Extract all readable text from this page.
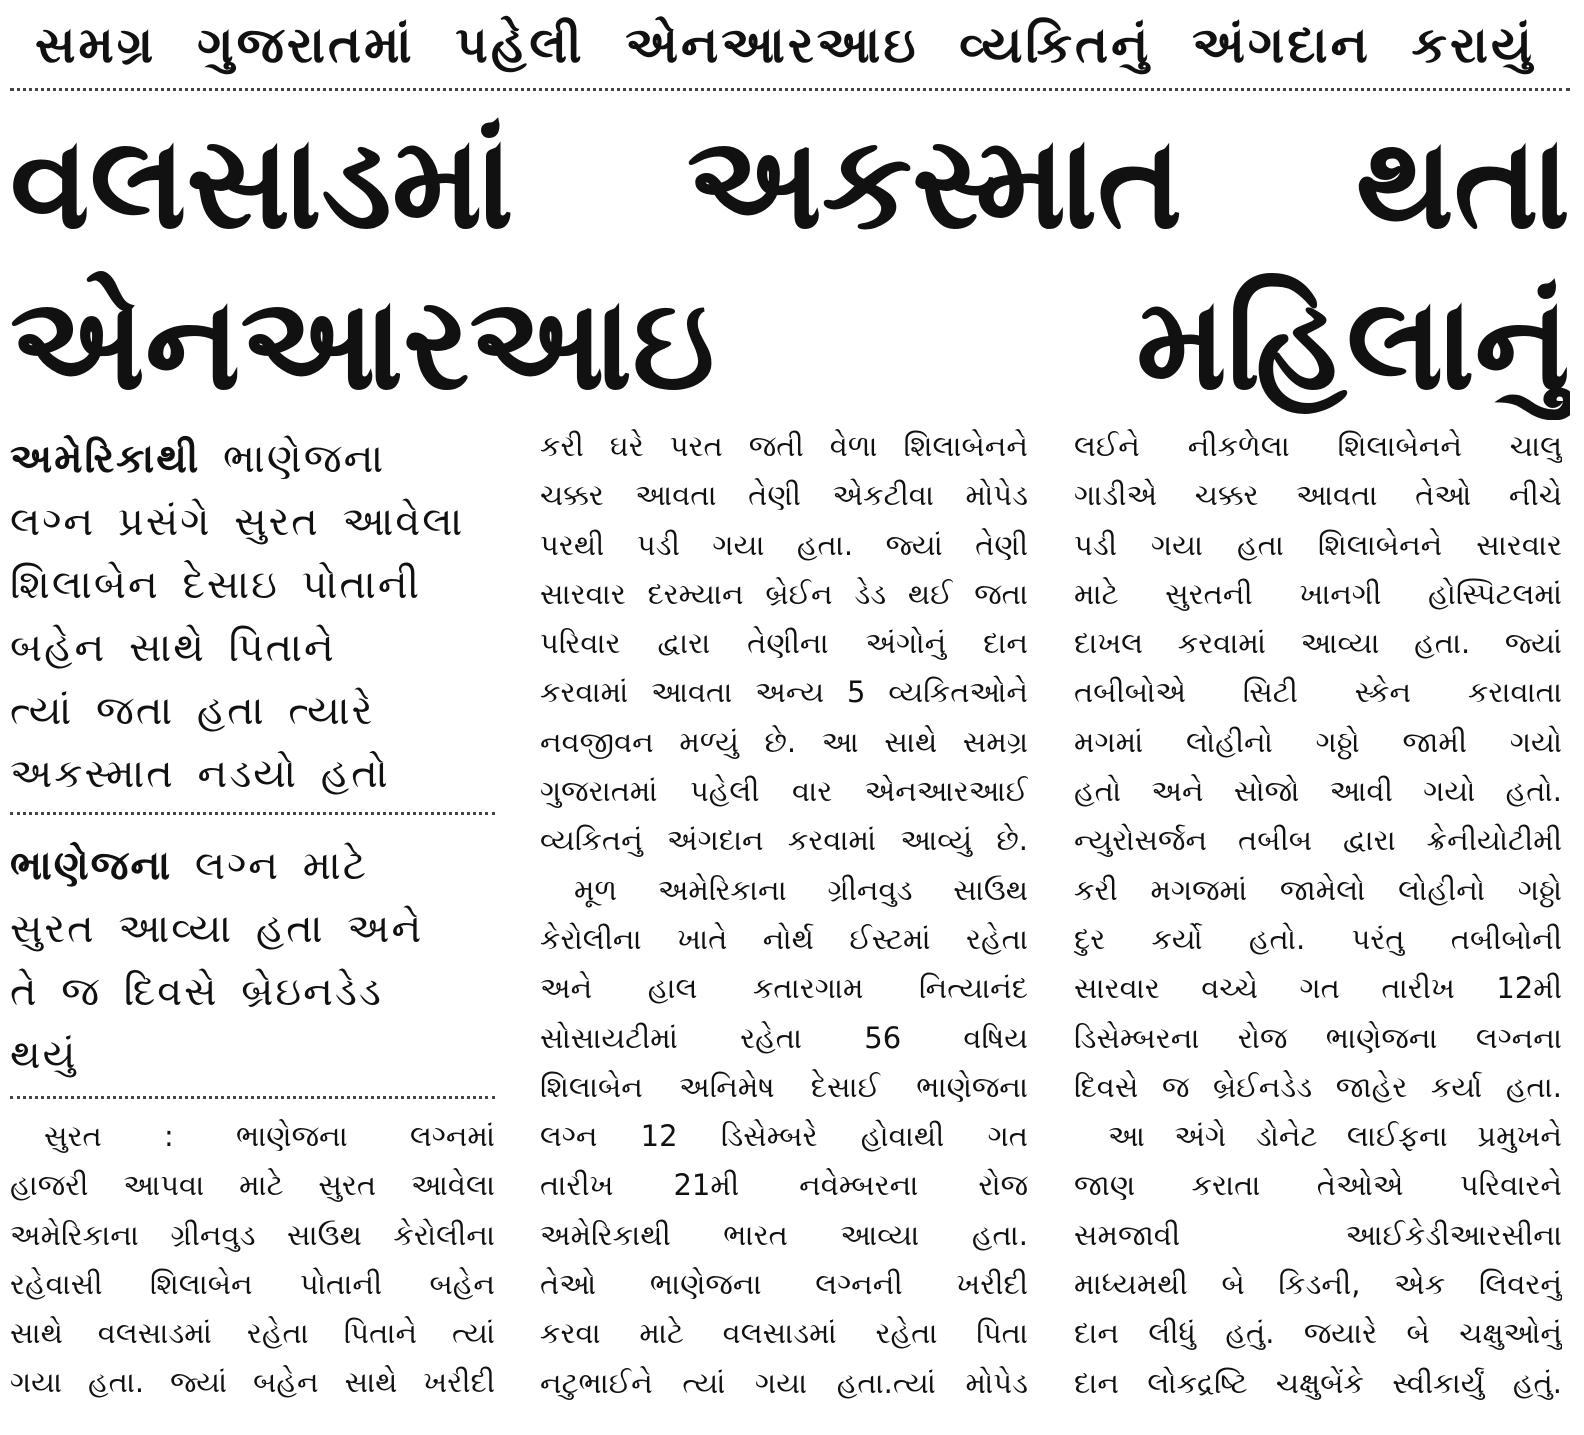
સમગ્ર ગુજરાતમાં પહેલી એનઆરઆઇ વ્યકિતનું અંગદાન કરાયું
વલસાડમાં અકસ્માત થતા
એનઆરઆઇ મહિલાનું
અમેરિકાથી ભાણેજના
લગ્ન પ્રસંગે સુરત આવેલા
શિલાબેન દેસાઇ પોતાની
બહેન સાથે પિતાને
ત્યાં જતા હતા ત્યારે
અકસ્માત નડયો હતો
ભાણેજના લગ્ન માટે
સુરત આવ્યા હતા અને
તે જ દિવસે બ્રેઇનડેડ
થયું
સુરત : ભાણેજના લગ્નમાં
હાજરી આપવા માટે સુરત આવેલા
અમેરિકાના ગ્રીનવુડ સાઉથ કેરોલીના
રહેવાસી શિલાબેન પોતાની બહેન
સાથે વલસાડમાં રહેતા પિતાને ત્યાં
ગયા હતા. જ્યાં બહેન સાથે ખરીદી
કરી ઘરે પરત જતી વેળા શિલાબેનને
ચક્કર આવતા તેણી એકટીવા મોપેડ
પરથી પડી ગયા હતા. જ્યાં તેણી
સારવાર દરમ્યાન બ્રેઈન ડેડ થઈ જતા
પરિવાર દ્વારા તેણીના અંગોનું દાન
કરવામાં આવતા અન્ય 5 વ્યકિતઓને
નવજીવન મળ્યું છે. આ સાથે સમગ્ર
ગુજરાતમાં પહેલી વાર એનઆરઆઈ
વ્યકિતનું અંગદાન કરવામાં આવ્યું છે.
મૂળ અમેરિકાના ગ્રીનવુડ સાઉથ
કેરોલીના ખાતે નોર્થ ઈસ્ટમાં રહેતા
અને હાલ કતારગામ નિત્યાનંદ
સોસાયટીમાં રહેતા 56 વષિય
શિલાબેન અનિમેષ દેસાઈ ભાણેજના
લગ્ન 12 ડિસેમ્બરે હોવાથી ગત
તારીખ 21મી નવેમ્બરના રોજ
અમેરિકાથી ભારત આવ્યા હતા.
તેઓ ભાણેજના લગ્નની ખરીદી
કરવા માટે વલસાડમાં રહેતા પિતા
નટુભાઈને ત્યાં ગયા હતા.ત્યાં મોપેડ
લઈને નીકળેલા શિલાબેનને ચાલુ
ગાડીએ ચક્કર આવતા તેઓ નીચે
પડી ગયા હતા શિલાબેનને સારવાર
માટે સુરતની ખાનગી હોસ્પિટલમાં
દાખલ કરવામાં આવ્યા હતા. જ્યાં
તબીબોએ સિટી સ્કેન કરાવાતા
મગમાં લોહીનો ગઠ્ઠો જામી ગયો
હતો અને સોજો આવી ગયો હતો.
ન્યુરોસર્જન તબીબ દ્વારા ક્રેનીયોટીમી
કરી મગજમાં જામેલો લોહીનો ગઠ્ઠો
દુર કર્યો હતો. પરંતુ તબીબોની
સારવાર વચ્ચે ગત તારીખ 12મી
ડિસેમ્બરના રોજ ભાણેજના લગ્નના
દિવસે જ બ્રેઈનડેડ જાહેર કર્યા હતા.
આ અંગે ડોનેટ લાઈફના પ્રમુખને
જાણ કરાતા તેઓએ પરિવારને
સમજાવી આઈકેડીઆરસીના
માધ્યમથી બે કિડની, એક લિવરનું
દાન લીધું હતું. જયારે બે ચક્ષુઓનું
દાન લોકદ્રષ્ટિ ચક્ષુબેંકે સ્વીકાર્યું હતું.
